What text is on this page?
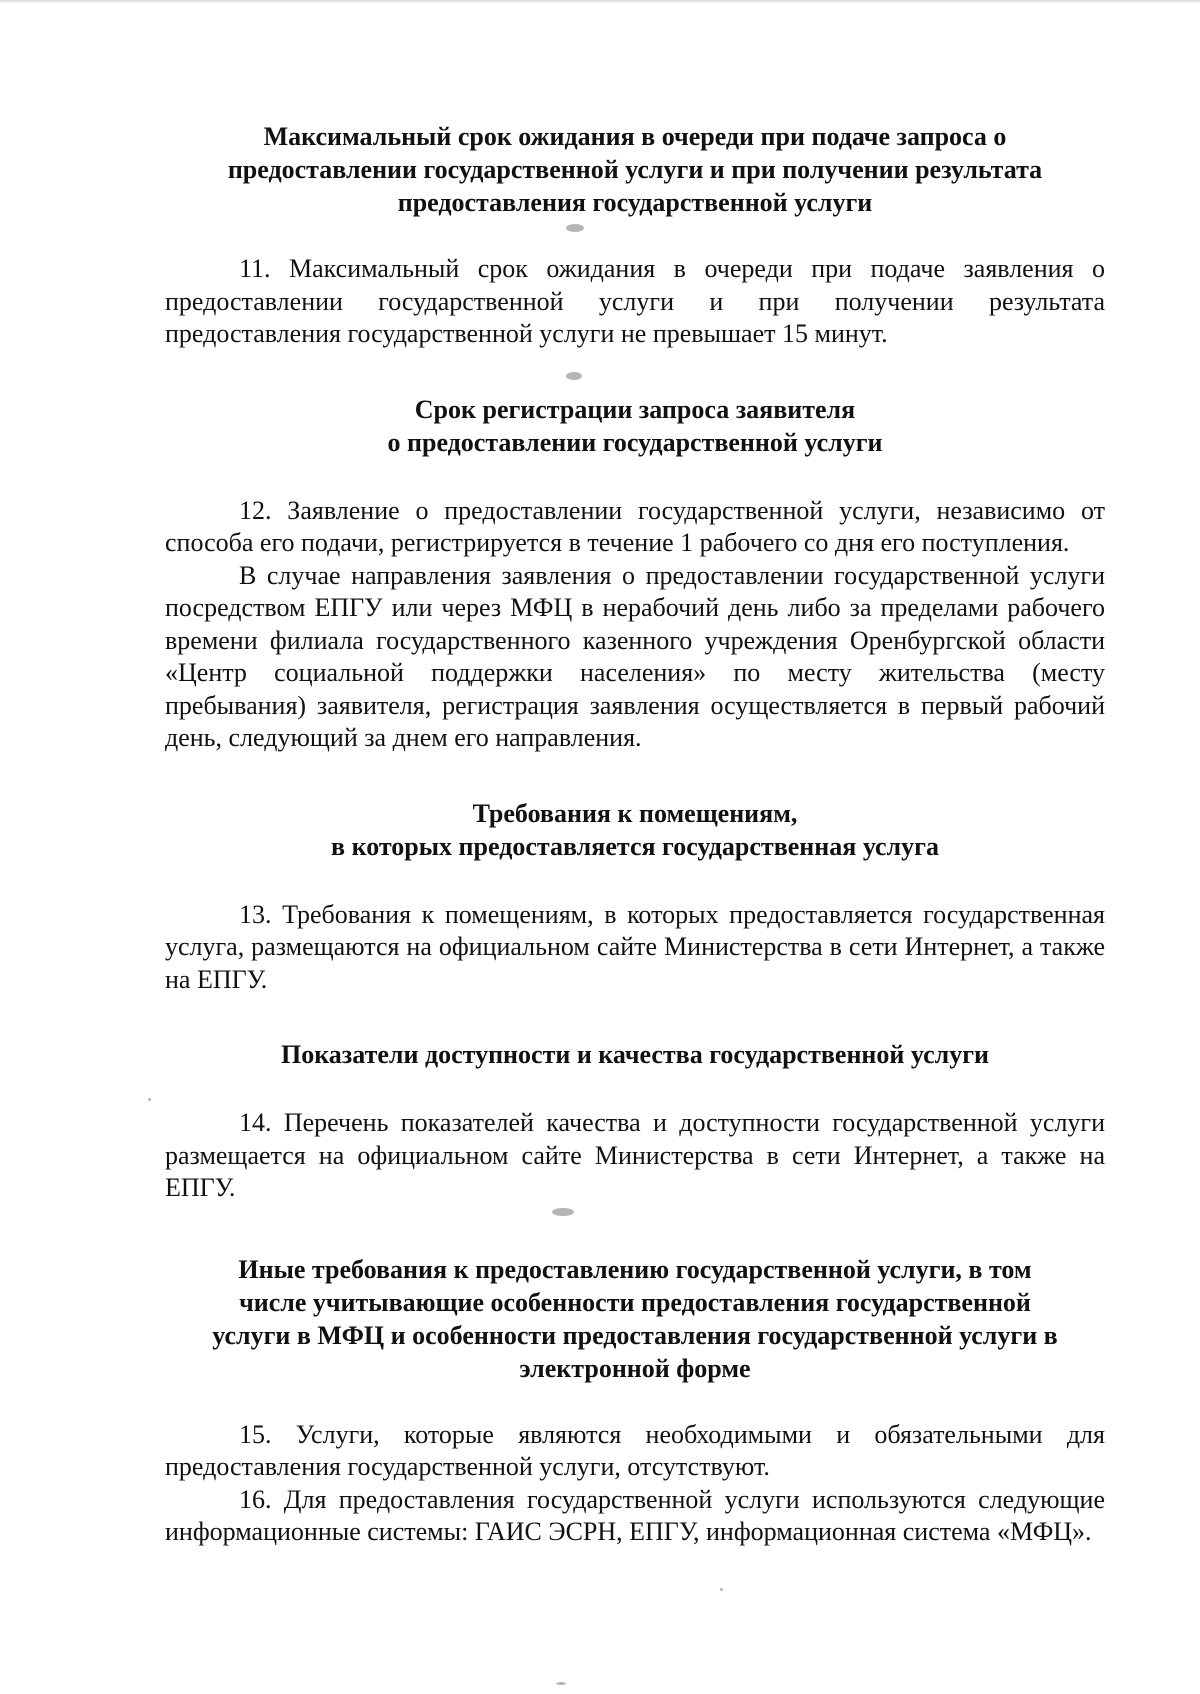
Максимальный срок ожидания в очереди при подаче запроса о
предоставлении государственной услуги и при получении результата
предоставления государственной услуги

11. Максимальный срок ожидания в очереди при подаче заявления о предоставлении государственной услуги и при получении результата предоставления государственной услуги не превышает 15 минут.

Срок регистрации запроса заявителя
о предоставлении государственной услуги

12. Заявление о предоставлении государственной услуги, независимо от способа его подачи, регистрируется в течение 1 рабочего со дня его поступления.

В случае направления заявления о предоставлении государственной услуги посредством ЕПГУ или через МФЦ в нерабочий день либо за пределами рабочего времени филиала государственного казенного учреждения Оренбургской области «Центр социальной поддержки населения» по месту жительства (месту пребывания) заявителя, регистрация заявления осуществляется в первый рабочий день, следующий за днем его направления.

Требования к помещениям,
в которых предоставляется государственная услуга

13. Требования к помещениям, в которых предоставляется государственная услуга, размещаются на официальном сайте Министерства в сети Интернет, а также на ЕПГУ.

Показатели доступности и качества государственной услуги

14. Перечень показателей качества и доступности государственной услуги размещается на официальном сайте Министерства в сети Интернет, а также на ЕПГУ.

Иные требования к предоставлению государственной услуги, в том
числе учитывающие особенности предоставления государственной
услуги в МФЦ и особенности предоставления государственной услуги в
электронной форме

15. Услуги, которые являются необходимыми и обязательными для предоставления государственной услуги, отсутствуют.

16. Для предоставления государственной услуги используются следующие информационные системы: ГАИС ЭСРН, ЕПГУ, информационная система «МФЦ».
